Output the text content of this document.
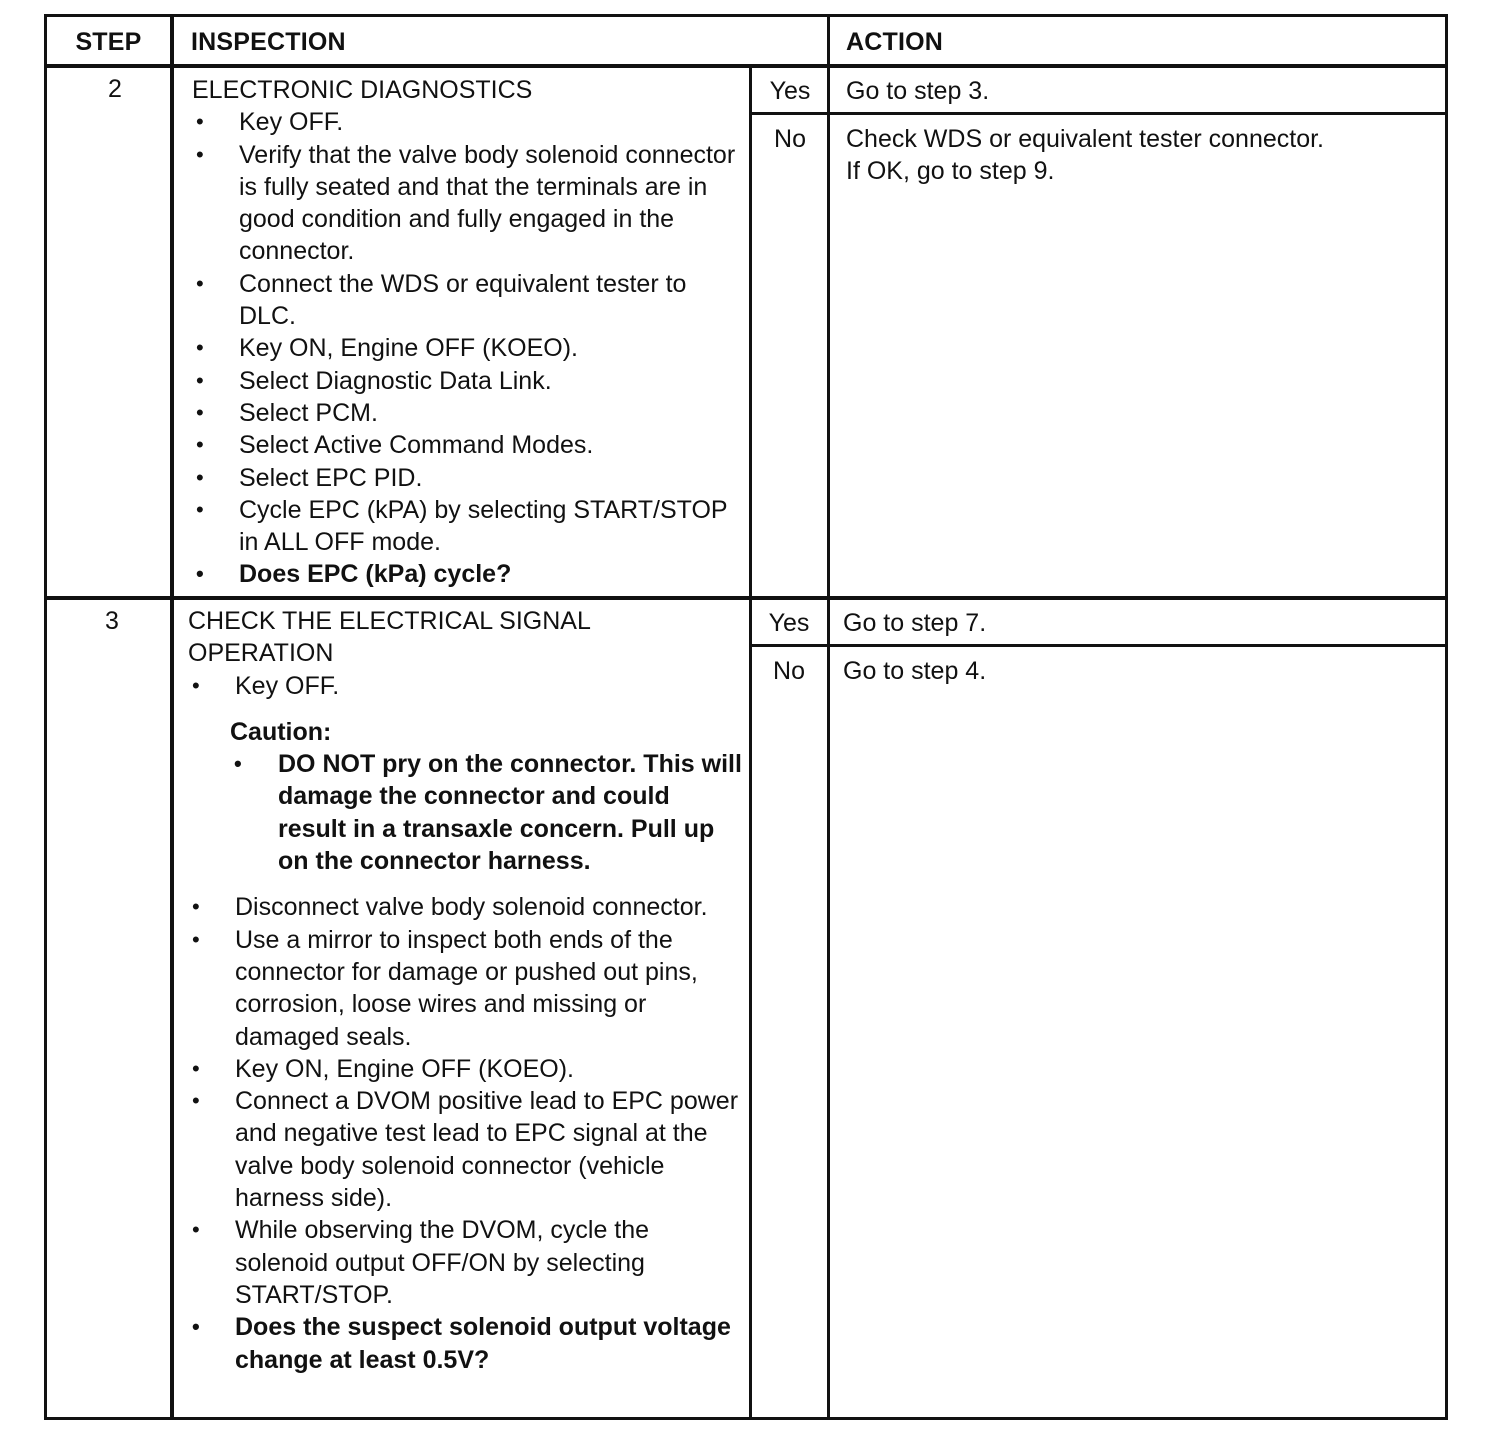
STEP	INSPECTION	ACTION
2	ELECTRONIC DIAGNOSTICS
• Key OFF.
• Verify that the valve body solenoid connector is fully seated and that the terminals are in good condition and fully engaged in the connector.
• Connect the WDS or equivalent tester to DLC.
• Key ON, Engine OFF (KOEO).
• Select Diagnostic Data Link.
• Select PCM.
• Select Active Command Modes.
• Select EPC PID.
• Cycle EPC (kPA) by selecting START/STOP in ALL OFF mode.
• Does EPC (kPa) cycle?
Yes	Go to step 3.
No	Check WDS or equivalent tester connector.
If OK, go to step 9.
3	CHECK THE ELECTRICAL SIGNAL OPERATION
• Key OFF.
Caution:
• DO NOT pry on the connector. This will damage the connector and could result in a transaxle concern. Pull up on the connector harness.
• Disconnect valve body solenoid connector.
• Use a mirror to inspect both ends of the connector for damage or pushed out pins, corrosion, loose wires and missing or damaged seals.
• Key ON, Engine OFF (KOEO).
• Connect a DVOM positive lead to EPC power and negative test lead to EPC signal at the valve body solenoid connector (vehicle harness side).
• While observing the DVOM, cycle the solenoid output OFF/ON by selecting START/STOP.
• Does the suspect solenoid output voltage change at least 0.5V?
Yes	Go to step 7.
No	Go to step 4.
